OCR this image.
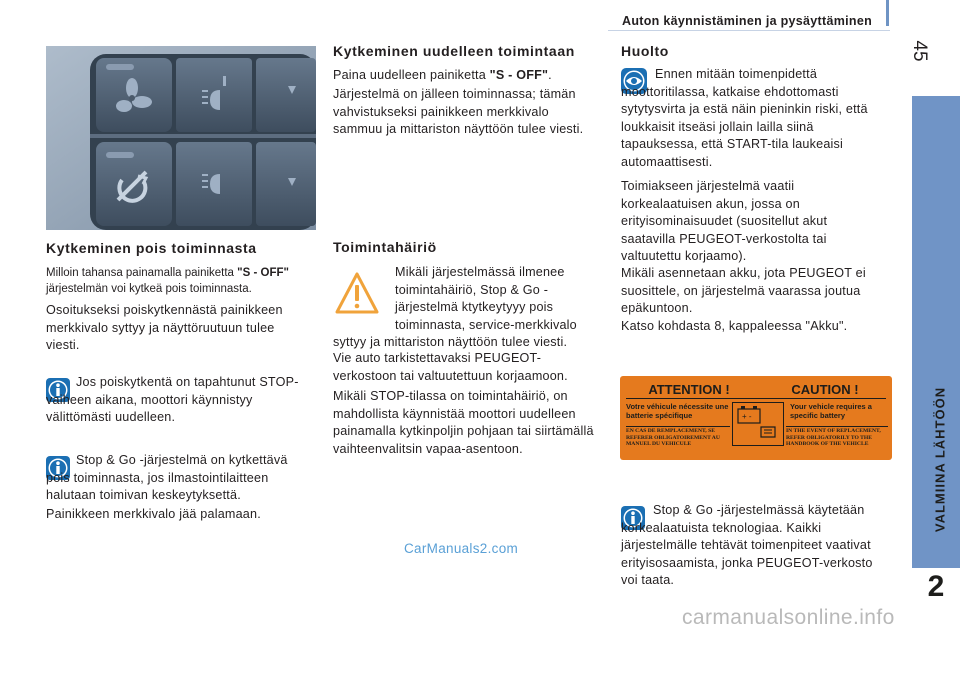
Auton käynnistäminen ja pysäyttäminen
45
VALMIINA LÄHTÖÖN
2
Kytkeminen pois toiminnasta

Milloin tahansa painamalla painiketta "S - OFF" järjestelmän voi kytkeä pois toiminnasta.

Osoitukseksi poiskytkennästä painikkeen merkkivalo syttyy ja näyttöruutuun tulee viesti.

Jos poiskytkentä on tapahtunut STOP-vaiheen aikana, moottori käynnistyy välittömästi uudelleen.

Stop & Go -järjestelmä on kytkettävä pois toiminnasta, jos ilmastointilaitteen halutaan toimivan keskeytyksettä.

Painikkeen merkkivalo jää palamaan.

Kytkeminen uudelleen toimintaan

Paina uudelleen painiketta "S - OFF".

Järjestelmä on jälleen toiminnassa; tämän vahvistukseksi painikkeen merkkivalo sammuu ja mittariston näyttöön tulee viesti.

Toimintahäiriö

Mikäli järjestelmässä ilmenee toimintahäiriö, Stop & Go -järjestelmä ktytkeytyyy pois toiminnasta, service-merkkivalo syttyy ja mittariston näyttöön tulee viesti.

Vie auto tarkistettavaksi PEUGEOT-verkostoon tai valtuutettuun korjaamoon.

Mikäli STOP-tilassa on toimintahäiriö, on mahdollista käynnistää moottori uudelleen painamalla kytkinpoljin pohjaan tai siirtämällä vaihteenvalitsin vapaa-asentoon.

Huolto

Ennen mitään toimenpidettä moottoritilassa, katkaise ehdottomasti sytytysvirta ja estä näin pieninkin riski, että loukkaisit itseäsi jollain lailla siinä tapauksessa, että START-tila laukeaisi automaattisesti.

Toimiakseen järjestelmä vaatii korkealaatuisen akun, jossa on erityisominaisuudet (suositellut akut saatavilla PEUGEOT-verkostolta tai valtuutettu korjaamo).

Mikäli asennetaan akku, jota PEUGEOT ei suosittele, on järjestelmä vaarassa joutua epäkuntoon.

Katso kohdasta 8, kappaleessa "Akku".

ATTENTION !	CAUTION !
Votre véhicule nécessite une batterie spécifique
Your vehicle requires a specific battery
+ -
EN CAS DE REMPLACEMENT, SE REFERER OBLIGATOIREMENT AU MANUEL DU VEHICULE
IN THE EVENT OF REPLACEMENT, REFER OBLIGATORILY TO THE HANDBOOK OF THE VEHICLE

Stop & Go -järjestelmässä käytetään korkealaatuista teknologiaa. Kaikki järjestelmälle tehtävät toimenpiteet vaativat erityisosaamista, jonka PEUGEOT-verkosto voi taata.

CarManuals2.com
carmanualsonline.info
